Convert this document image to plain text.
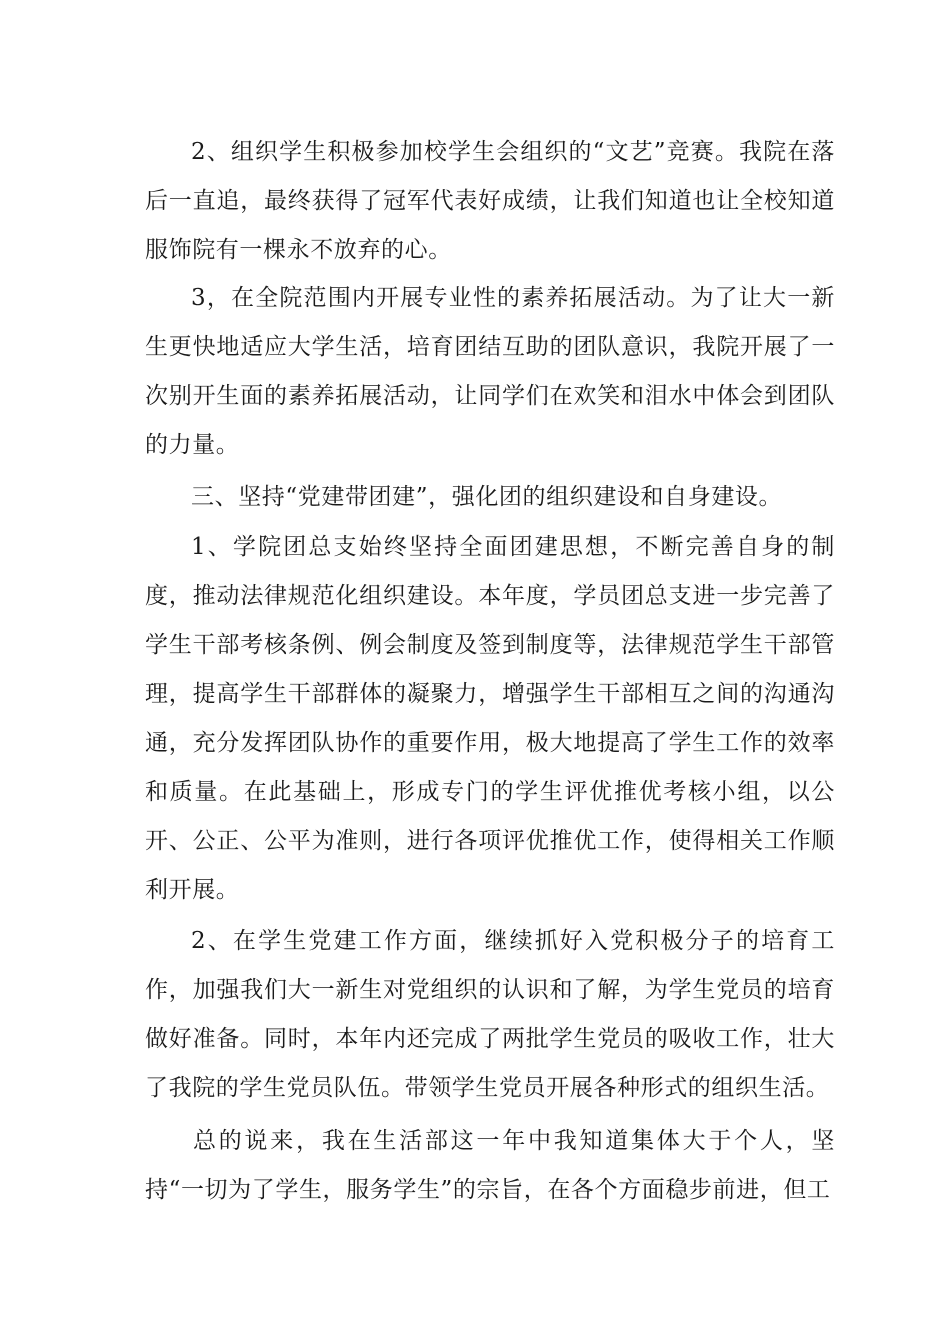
2、组织学生积极参加校学生会组织的“文艺”竞赛。我院在落后一直追，最终获得了冠军代表好成绩，让我们知道也让全校知道服饰院有一棵永不放弃的心。

3，在全院范围内开展专业性的素养拓展活动。为了让大一新生更快地适应大学生活，培育团结互助的团队意识，我院开展了一次别开生面的素养拓展活动，让同学们在欢笑和泪水中体会到团队的力量。

三、坚持“党建带团建”，强化团的组织建设和自身建设。

1、学院团总支始终坚持全面团建思想，不断完善自身的制度，推动法律规范化组织建设。本年度，学员团总支进一步完善了学生干部考核条例、例会制度及签到制度等，法律规范学生干部管理，提高学生干部群体的凝聚力，增强学生干部相互之间的沟通沟通，充分发挥团队协作的重要作用，极大地提高了学生工作的效率和质量。在此基础上，形成专门的学生评优推优考核小组，以公开、公正、公平为准则，进行各项评优推优工作，使得相关工作顺利开展。

2、在学生党建工作方面，继续抓好入党积极分子的培育工作，加强我们大一新生对党组织的认识和了解，为学生党员的培育做好准备。同时，本年内还完成了两批学生党员的吸收工作，壮大了我院的学生党员队伍。带领学生党员开展各种形式的组织生活。

总的说来，我在生活部这一年中我知道集体大于个人，坚持“一切为了学生，服务学生”的宗旨，在各个方面稳步前进，但工
